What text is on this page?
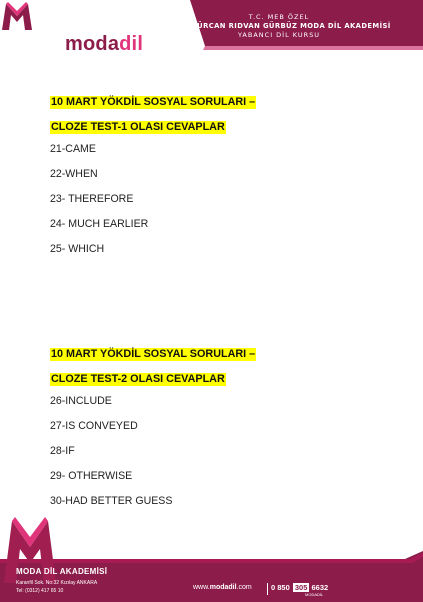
modadil
T.C. MEB ÖZEL
SUAT GÜRCAN RIDVAN GÜRBÜZ MODA DİL AKADEMİSİ
YABANCI DİL KURSU
10 MART YÖKDİL SOSYAL SORULARI –
CLOZE TEST-1 OLASI CEVAPLAR
21-CAME
22-WHEN
23- THEREFORE
24- MUCH EARLIER
25- WHICH
10 MART YÖKDİL SOSYAL SORULARI –
CLOZE TEST-2 OLASI CEVAPLAR
26-INCLUDE
27-IS CONVEYED
28-IF
29- OTHERWISE
30-HAD BETTER GUESS
MODA DİL AKADEMİSİ
Karanfil Sok. No:32 Kızılay ANKARA
Tel: (0312) 417 65 10	www.modadil.com	0 850 305 6632
MODADİL
